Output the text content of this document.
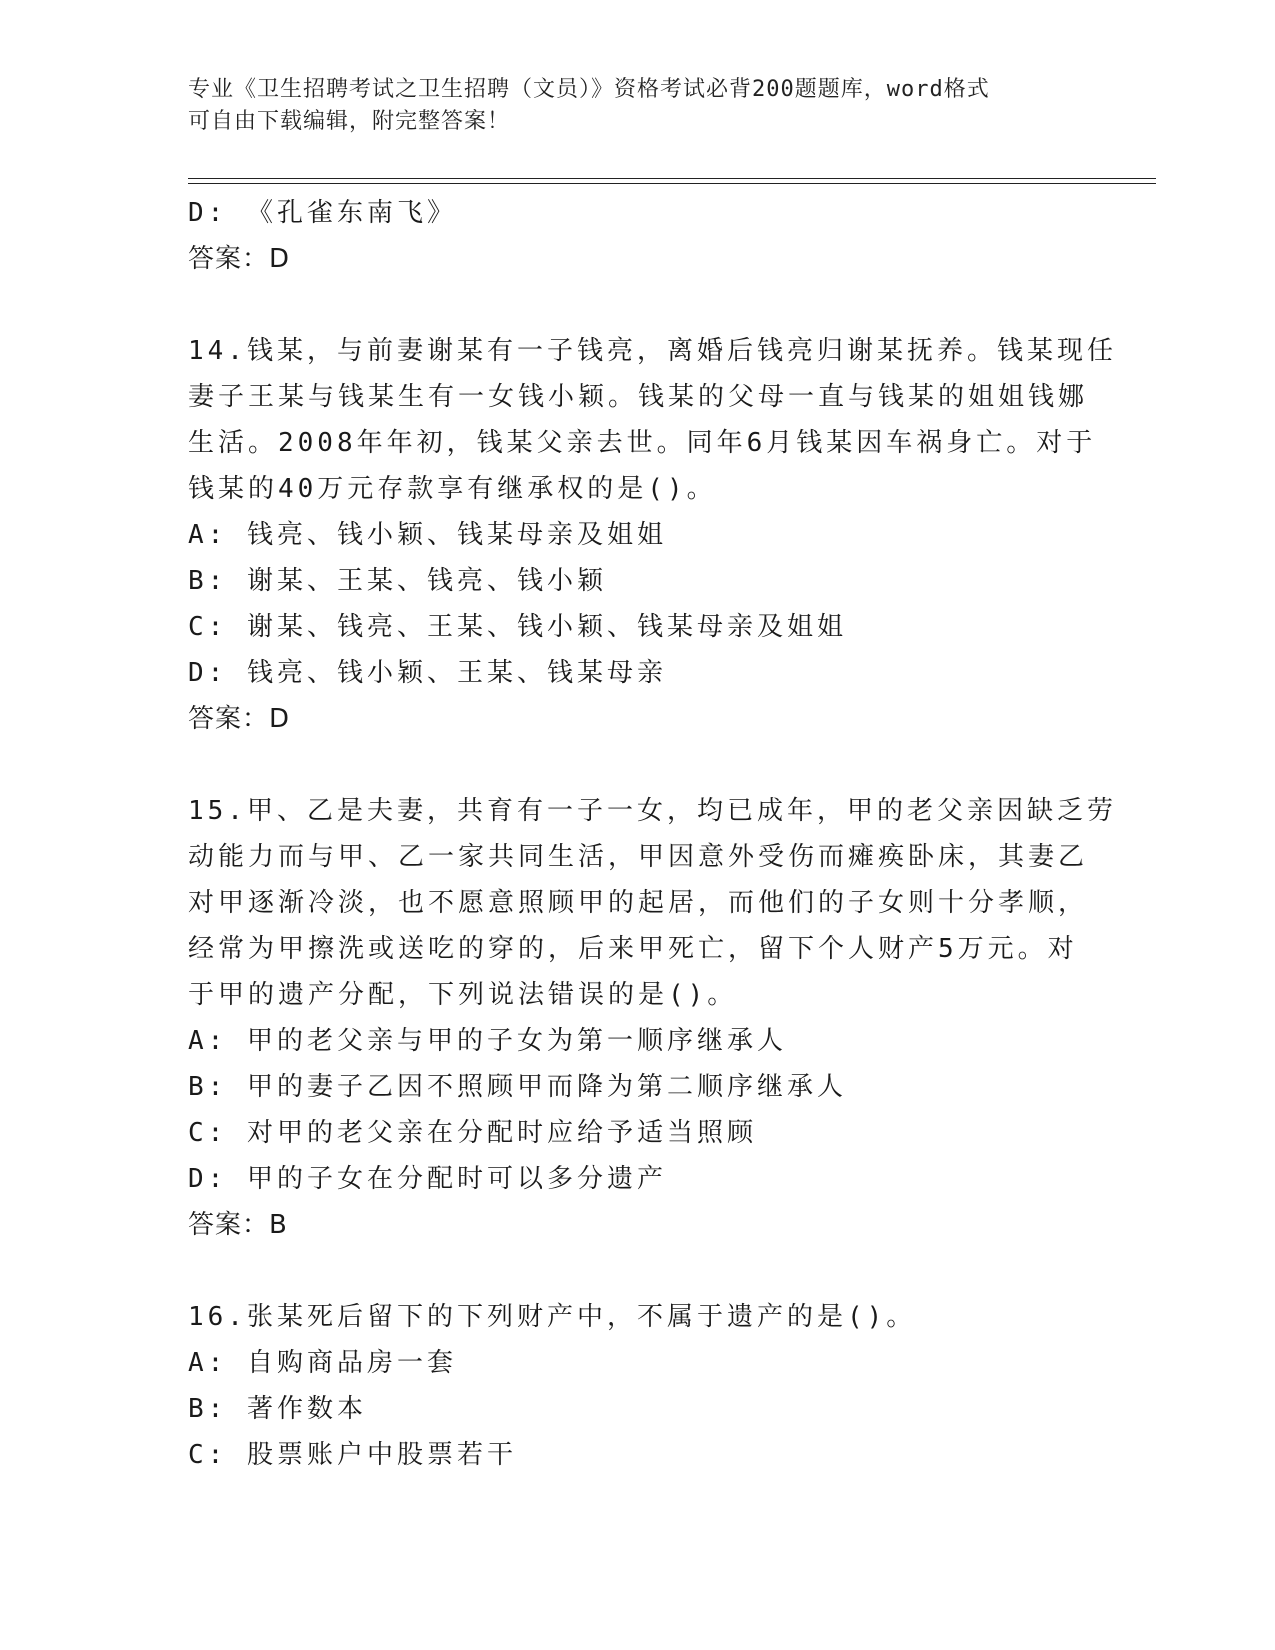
专业《卫生招聘考试之卫生招聘（文员）》资格考试必背200题题库，word格式
可自由下载编辑，附完整答案！
D: 《孔雀东南飞》
答案：D
14.钱某，与前妻谢某有一子钱亮，离婚后钱亮归谢某抚养。钱某现任
妻子王某与钱某生有一女钱小颖。钱某的父母一直与钱某的姐姐钱娜
生活。2008年年初，钱某父亲去世。同年6月钱某因车祸身亡。对于
钱某的40万元存款享有继承权的是()。
A: 钱亮、钱小颖、钱某母亲及姐姐
B: 谢某、王某、钱亮、钱小颖
C: 谢某、钱亮、王某、钱小颖、钱某母亲及姐姐
D: 钱亮、钱小颖、王某、钱某母亲
答案：D
15.甲、乙是夫妻，共育有一子一女，均已成年，甲的老父亲因缺乏劳
动能力而与甲、乙一家共同生活，甲因意外受伤而瘫痪卧床，其妻乙
对甲逐渐冷淡，也不愿意照顾甲的起居，而他们的子女则十分孝顺，
经常为甲擦洗或送吃的穿的，后来甲死亡，留下个人财产5万元。对
于甲的遗产分配，下列说法错误的是()。
A: 甲的老父亲与甲的子女为第一顺序继承人
B: 甲的妻子乙因不照顾甲而降为第二顺序继承人
C: 对甲的老父亲在分配时应给予适当照顾
D: 甲的子女在分配时可以多分遗产
答案：B
16.张某死后留下的下列财产中，不属于遗产的是()。
A: 自购商品房一套
B: 著作数本
C: 股票账户中股票若干
